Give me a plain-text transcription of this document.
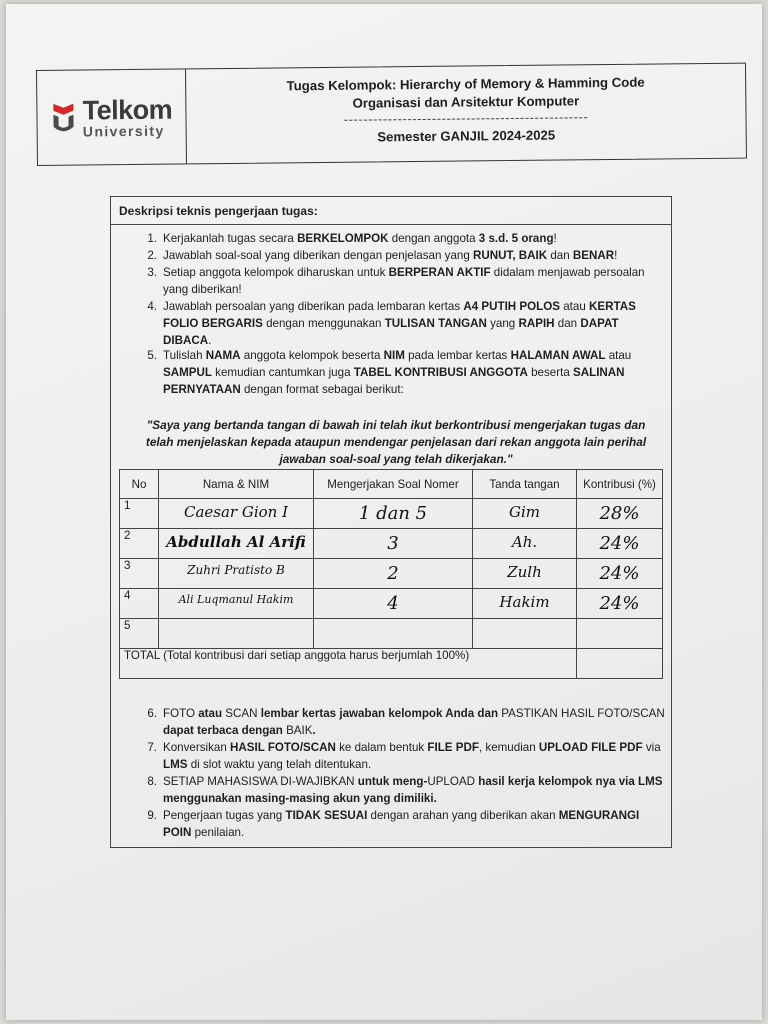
Telkom
University
Tugas Kelompok: Hierarchy of Memory & Hamming Code
Organisasi dan Arsitektur Komputer
--------------------------------------------------
Semester GANJIL 2024-2025
Deskripsi teknis pengerjaan tugas:
1. Kerjakanlah tugas secara BERKELOMPOK dengan anggota 3 s.d. 5 orang!
2. Jawablah soal-soal yang diberikan dengan penjelasan yang RUNUT, BAIK dan BENAR!
3. Setiap anggota kelompok diharuskan untuk BERPERAN AKTIF didalam menjawab persoalan yang diberikan!
4. Jawablah persoalan yang diberikan pada lembaran kertas A4 PUTIH POLOS atau KERTAS FOLIO BERGARIS dengan menggunakan TULISAN TANGAN yang RAPIH dan DAPAT DIBACA.
5. Tulislah NAMA anggota kelompok beserta NIM pada lembar kertas HALAMAN AWAL atau SAMPUL kemudian cantumkan juga TABEL KONTRIBUSI ANGGOTA beserta SALINAN PERNYATAAN dengan format sebagai berikut:
"Saya yang bertanda tangan di bawah ini telah ikut berkontribusi mengerjakan tugas dan telah menjelaskan kepada ataupun mendengar penjelasan dari rekan anggota lain perihal jawaban soal-soal yang telah dikerjakan."
No	Nama & NIM	Mengerjakan Soal Nomer	Tanda tangan	Kontribusi (%)
1	Caesar Gion I	1 dan 5	Gim	28%

2	Abdullah Al Arifi	3	Ah.	24%

3	Zuhri Pratisto B	2	Zulh	24%

4	Ali Luqmanul Hakim	4	Hakim	24%

5				
TOTAL (Total kontribusi dari setiap anggota harus berjumlah 100%)				
6. FOTO atau SCAN lembar kertas jawaban kelompok Anda dan PASTIKAN HASIL FOTO/SCAN dapat terbaca dengan BAIK.
7. Konversikan HASIL FOTO/SCAN ke dalam bentuk FILE PDF, kemudian UPLOAD FILE PDF via LMS di slot waktu yang telah ditentukan.
8. SETIAP MAHASISWA DI-WAJIBKAN untuk meng-UPLOAD hasil kerja kelompok nya via LMS menggunakan masing-masing akun yang dimiliki.
9. Pengerjaan tugas yang TIDAK SESUAI dengan arahan yang diberikan akan MENGURANGI POIN penilaian.
